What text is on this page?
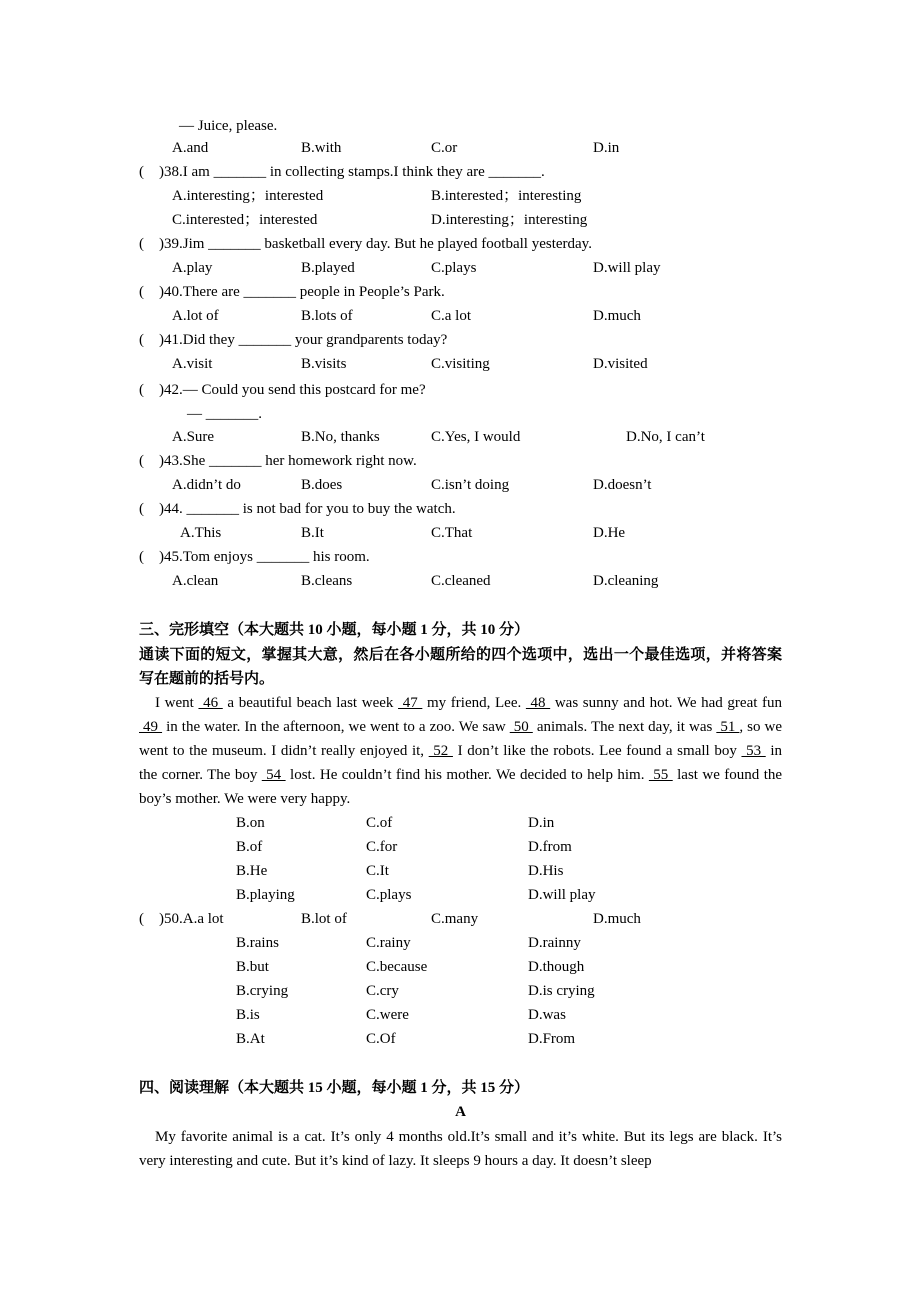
— Juice, please.
A.and	B.with	C.or	D.in
( )38.I am _______ in collecting stamps.I think they are _______.
A.interesting；interested	B.interested；interesting
C.interested；interested	D.interesting；interesting
( )39.Jim _______ basketball every day. But he played football yesterday.
A.play	B.played	C.plays	D.will play
( )40.There are _______ people in People’s Park.
A.lot of	B.lots of	C.a lot	D.much
( )41.Did they _______ your grandparents today?
A.visit	B.visits	C.visiting	D.visited
( )42.— Could you send this postcard for me?
— _______.
A.Sure	B.No, thanks	C.Yes, I would	D.No, I can’t
( )43.She _______ her homework right now.
A.didn’t do	B.does	C.isn’t doing	D.doesn’t
( )44. _______ is not bad for you to buy the watch.
A.This	B.It	C.That	D.He
( )45.Tom enjoys _______ his room.
A.clean	B.cleans	C.cleaned	D.cleaning
三、完形填空（本大题共 10 小题，每小题 1 分，共 10 分）
通读下面的短文，掌握其大意，然后在各小题所给的四个选项中，选出一个最佳选项，并将答案写在题前的括号内。

I went  46  a beautiful beach last week  47  my friend, Lee.  48  was sunny and hot. We had great fun  49  in the water. In the afternoon, we went to a zoo. We saw  50  animals. The next day, it was  51 , so we went to the museum. I didn’t really enjoyed it,  52  I don’t like the robots. Lee found a small boy  53  in the corner. The boy  54  lost. He couldn’t find his mother. We decided to help him.  55  last we found the boy’s mother. We were very happy.

B.on	C.of	D.in
B.of	C.for	D.from
B.He	C.It	D.His
B.playing	C.plays	D.will play
( )50.A.a lot	B.lot of	C.many	D.much
B.rains	C.rainy	D.rainny
B.but	C.because	D.though
B.crying	C.cry	D.is crying
B.is	C.were	D.was
B.At	C.Of	D.From
四、阅读理解（本大题共 15 小题，每小题 1 分，共 15 分）
A

My favorite animal is a cat. It’s only 4 months old.It’s small and it’s white. But its legs are black. It’s very interesting and cute. But it’s kind of lazy. It sleeps 9 hours a day. It doesn’t sleep
